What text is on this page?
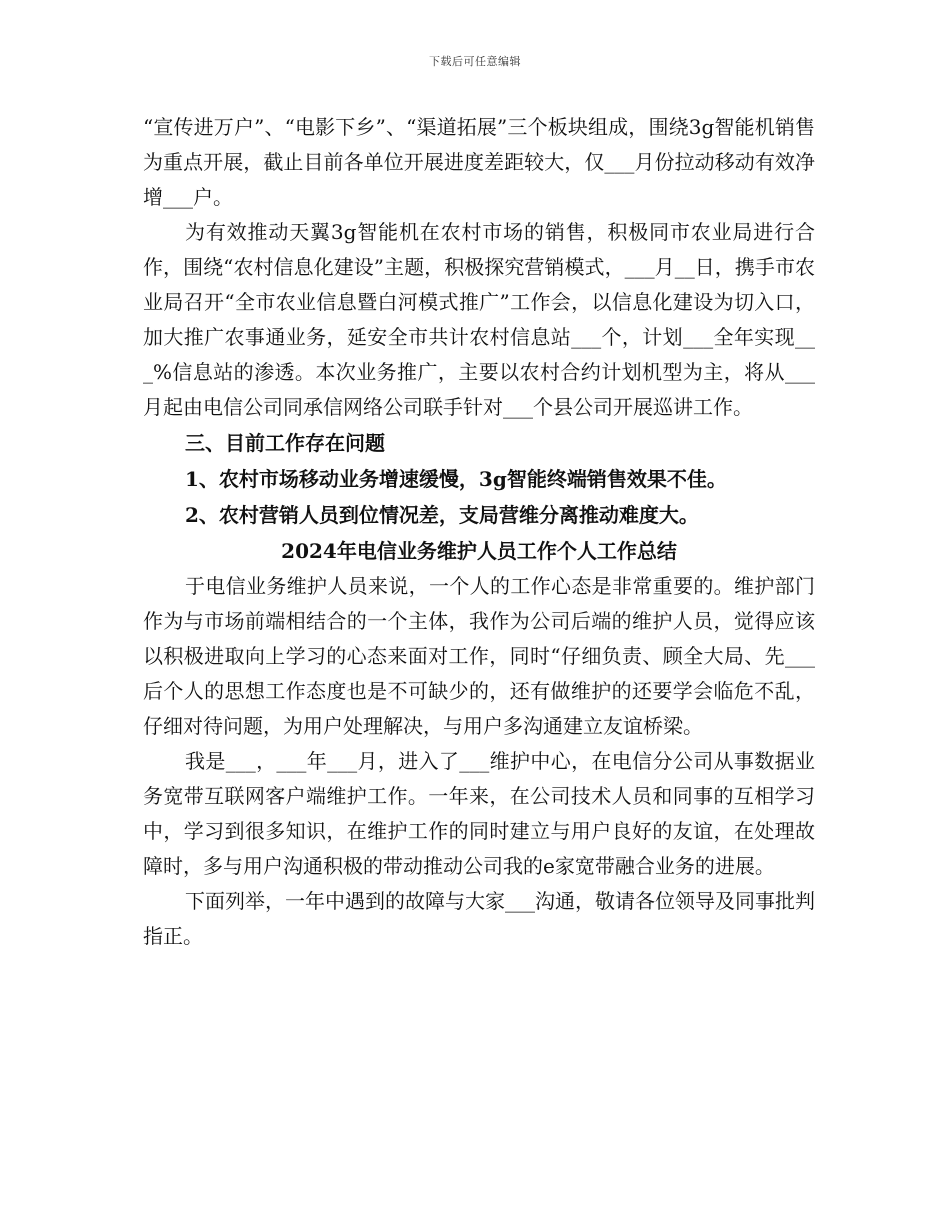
下载后可任意编辑

“宣传进万户”、“电影下乡”、“渠道拓展”三个板块组成，围绕3g智能机销售为重点开展，截止目前各单位开展进度差距较大，仅___月份拉动移动有效净增___户。

为有效推动天翼3g智能机在农村市场的销售，积极同市农业局进行合作，围绕“农村信息化建设”主题，积极探究营销模式，___月__日，携手市农业局召开“全市农业信息暨白河模式推广”工作会，以信息化建设为切入口，加大推广农事通业务，延安全市共计农村信息站___个，计划___全年实现___%信息站的渗透。本次业务推广，主要以农村合约计划机型为主，将从___月起由电信公司同承信网络公司联手针对___个县公司开展巡讲工作。

三、目前工作存在问题

1、农村市场移动业务增速缓慢，3g智能终端销售效果不佳。

2、农村营销人员到位情况差，支局营维分离推动难度大。

2024年电信业务维护人员工作个人工作总结

于电信业务维护人员来说，一个人的工作心态是非常重要的。维护部门作为与市场前端相结合的一个主体，我作为公司后端的维护人员，觉得应该以积极进取向上学习的心态来面对工作，同时“仔细负责、顾全大局、先___后个人的思想工作态度也是不可缺少的，还有做维护的还要学会临危不乱，仔细对待问题，为用户处理解决，与用户多沟通建立友谊桥梁。

我是___，___年___月，进入了___维护中心，在电信分公司从事数据业务宽带互联网客户端维护工作。一年来，在公司技术人员和同事的互相学习中，学习到很多知识，在维护工作的同时建立与用户良好的友谊，在处理故障时，多与用户沟通积极的带动推动公司我的e家宽带融合业务的进展。

下面列举，一年中遇到的故障与大家___沟通，敬请各位领导及同事批判指正。
